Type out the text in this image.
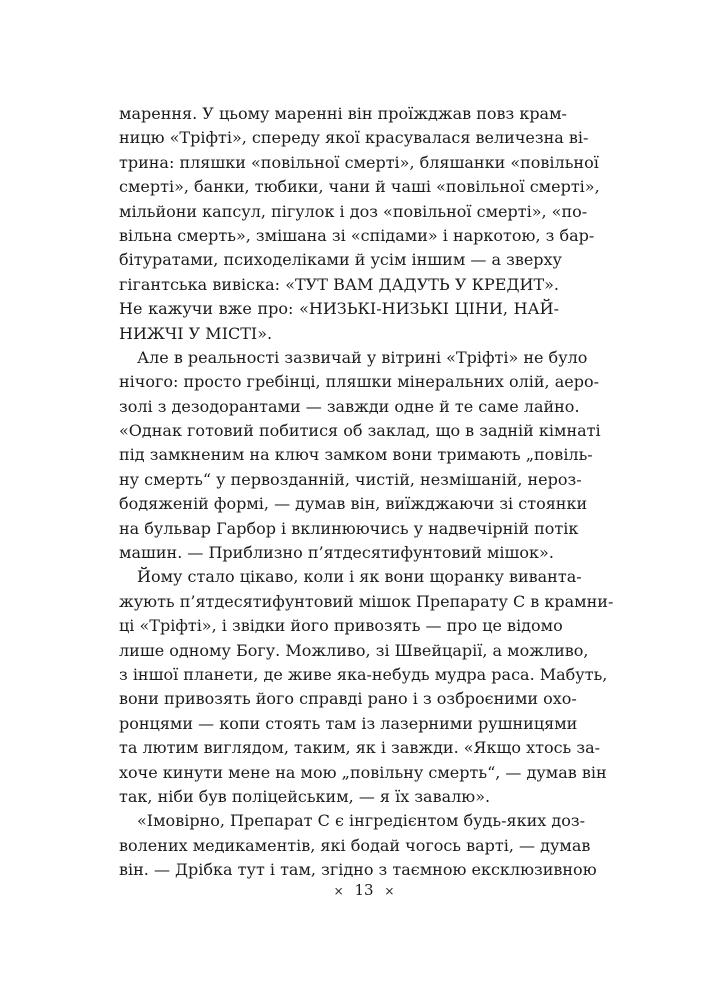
марення. У цьому маренні він проїжджав повз крам-
ницю «Тріфті», спереду якої красувалася величезна ві-
трина: пляшки «повільної смерті», бляшанки «повільної
смерті», банки, тюбики, чани й чаші «повільної смерті»,
мільйони капсул, пігулок і доз «повільної смерті», «по-
вільна смерть», змішана зі «спідами» і наркотою, з бар-
бітуратами, психоделіками й усім іншим — а зверху
гігантська вивіска: «ТУТ ВАМ ДАДУТЬ У КРЕДИТ».
Не кажучи вже про: «НИЗЬКІ-НИЗЬКІ ЦІНИ, НАЙ-
НИЖЧІ У МІСТІ».
Але в реальності зазвичай у вітрині «Тріфті» не було
нічого: просто гребінці, пляшки мінеральних олій, аеро-
золі з дезодорантами — завжди одне й те саме лайно.
«Однак готовий побитися об заклад, що в задній кімнаті
під замкненим на ключ замком вони тримають „повіль-
ну смерть“ у первозданній, чистій, незмішаній, нероз-
бодяженій формі, — думав він, виїжджаючи зі стоянки
на бульвар Гарбор і вклинюючись у надвечірній потік
машин. — Приблизно п’ятдесятифунтовий мішок».
Йому стало цікаво, коли і як вони щоранку вивантa-
жують п’ятдесятифунтовий мішок Препарату С в крамни-
ці «Тріфті», і звідки його привозять — про це відомо
лише одному Богу. Можливо, зі Швейцарії, а можливо,
з іншої планети, де живе яка-небудь мудра раса. Мабуть,
вони привозять його справді рано і з озброєними охо-
ронцями — копи стоять там із лазерними рушницями
та лютим виглядом, таким, як і завжди. «Якщо хтось за-
хоче кинути мене на мою „повільну смерть“, — думав він
так, ніби був поліцейським, — я їх завалю».
«Імовірно, Препарат С є інгредієнтом будь-яких доз-
волених медикаментів, які бодай чогось варті, — думав
він. — Дрібка тут і там, згідно з таємною ексклюзивною
× 13 ×
